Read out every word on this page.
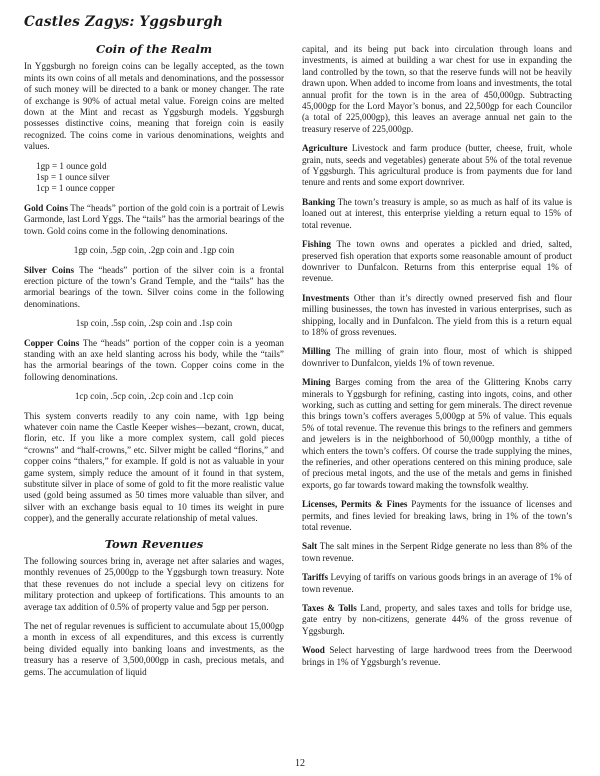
Castles Zagys: Yggsburgh
Coin of the Realm

In Yggsburgh no foreign coins can be legally accepted, as the town mints its own coins of all metals and denominations, and the possessor of such money will be directed to a bank or money changer. The rate of exchange is 90% of actual metal value. Foreign coins are melted down at the Mint and recast as Yggsburgh models. Yggsburgh possesses distinctive coins, meaning that foreign coin is easily recognized. The coins come in various denominations, weights and values.

1gp = 1 ounce gold
1sp = 1 ounce silver
1cp = 1 ounce copper

Gold Coins The “heads” portion of the gold coin is a portrait of Lewis Garmonde, last Lord Yggs. The “tails” has the armorial bearings of the town. Gold coins come in the following denominations.

1gp coin, .5gp coin, .2gp coin and .1gp coin

Silver Coins The “heads” portion of the silver coin is a frontal erection picture of the town’s Grand Temple, and the “tails” has the armorial bearings of the town. Silver coins come in the following denominations.

1sp coin, .5sp coin, .2sp coin and .1sp coin

Copper Coins The “heads” portion of the copper coin is a yeoman standing with an axe held slanting across his body, while the “tails” has the armorial bearings of the town. Copper coins come in the following denominations.

1cp coin, .5cp coin, .2cp coin and .1cp coin

This system converts readily to any coin name, with 1gp being whatever coin name the Castle Keeper wishes—bezant, crown, ducat, florin, etc. If you like a more complex system, call gold pieces “crowns” and “half-crowns,” etc. Silver might be called “florins,” and copper coins “thalers,” for example. If gold is not as valuable in your game system, simply reduce the amount of it found in that system, substitute silver in place of some of gold to fit the more realistic value used (gold being assumed as 50 times more valuable than silver, and silver with an exchange basis equal to 10 times its weight in pure copper), and the generally accurate relationship of metal values.

Town Revenues

The following sources bring in, average net after salaries and wages, monthly revenues of 25,000gp to the Yggsburgh town treasury. Note that these revenues do not include a special levy on citizens for military protection and upkeep of fortifications. This amounts to an average tax addition of 0.5% of property value and 5gp per person.

The net of regular revenues is sufficient to accumulate about 15,000gp a month in excess of all expenditures, and this excess is currently being divided equally into banking loans and investments, as the treasury has a reserve of 3,500,000gp in cash, precious metals, and gems. The accumulation of liquid

capital, and its being put back into circulation through loans and investments, is aimed at building a war chest for use in expanding the land controlled by the town, so that the reserve funds will not be heavily drawn upon. When added to income from loans and investments, the total annual profit for the town is in the area of 450,000gp. Subtracting 45,000gp for the Lord Mayor’s bonus, and 22,500gp for each Councilor (a total of 225,000gp), this leaves an average annual net gain to the treasury reserve of 225,000gp.

Agriculture Livestock and farm produce (butter, cheese, fruit, whole grain, nuts, seeds and vegetables) generate about 5% of the total revenue of Yggsburgh. This agricultural produce is from payments due for land tenure and rents and some export downriver.

Banking The town’s treasury is ample, so as much as half of its value is loaned out at interest, this enterprise yielding a return equal to 15% of total revenue.

Fishing The town owns and operates a pickled and dried, salted, preserved fish operation that exports some reasonable amount of product downriver to Dunfalcon. Returns from this enterprise equal 1% of revenue.

Investments Other than it’s directly owned preserved fish and flour milling businesses, the town has invested in various enterprises, such as shipping, locally and in Dunfalcon. The yield from this is a return equal to 18% of gross revenues.

Milling The milling of grain into flour, most of which is shipped downriver to Dunfalcon, yields 1% of town revenue.

Mining Barges coming from the area of the Glittering Knobs carry minerals to Yggsburgh for refining, casting into ingots, coins, and other working, such as cutting and setting for gem minerals. The direct revenue this brings town’s coffers averages 5,000gp at 5% of value. This equals 5% of total revenue. The revenue this brings to the refiners and gemmers and jewelers is in the neighborhood of 50,000gp monthly, a tithe of which enters the town’s coffers. Of course the trade supplying the mines, the refineries, and other operations centered on this mining produce, sale of precious metal ingots, and the use of the metals and gems in finished exports, go far towards toward making the townsfolk wealthy.

Licenses, Permits & Fines Payments for the issuance of licenses and permits, and fines levied for breaking laws, bring in 1% of the town’s total revenue.

Salt The salt mines in the Serpent Ridge generate no less than 8% of the town revenue.

Tariffs Levying of tariffs on various goods brings in an average of 1% of town revenue.

Taxes & Tolls Land, property, and sales taxes and tolls for bridge use, gate entry by non-citizens, generate 44% of the gross revenue of Yggsburgh.

Wood Select harvesting of large hardwood trees from the Deerwood brings in 1% of Yggsburgh’s revenue.

12
